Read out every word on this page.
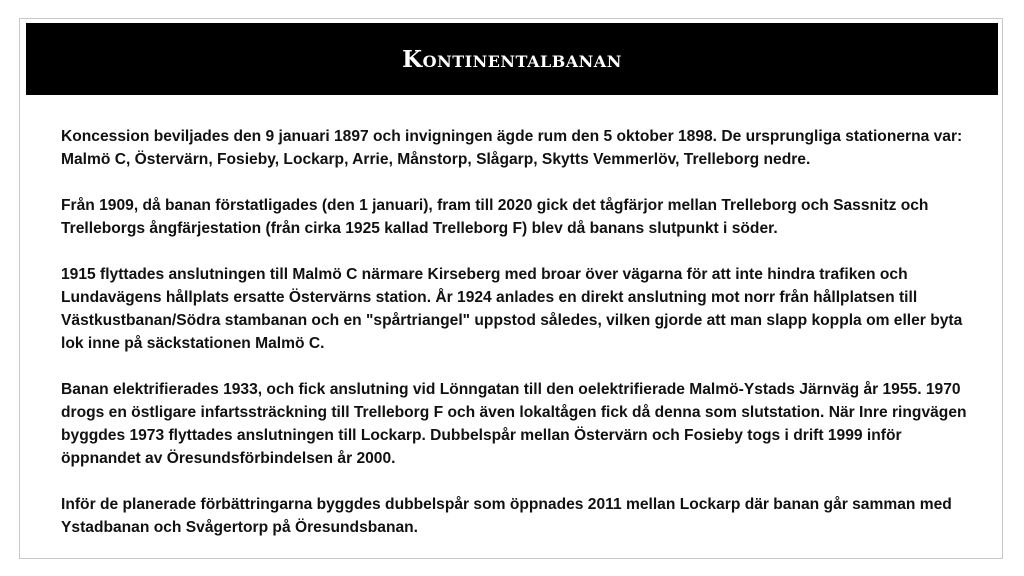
Kontinentalbanan

Koncession beviljades den 9 januari 1897 och invigningen ägde rum den 5 oktober 1898. De ursprungliga stationerna var: Malmö C, Östervärn, Fosieby, Lockarp, Arrie, Månstorp, Slågarp, Skytts Vemmerlöv, Trelleborg nedre.

Från 1909, då banan förstatligades (den 1 januari), fram till 2020 gick det tågfärjor mellan Trelleborg och Sassnitz och Trelleborgs ångfärjestation (från cirka 1925 kallad Trelleborg F) blev då banans slutpunkt i söder.

1915 flyttades anslutningen till Malmö C närmare Kirseberg med broar över vägarna för att inte hindra trafiken och Lundavägens hållplats ersatte Östervärns station. År 1924 anlades en direkt anslutning mot norr från hållplatsen till Västkustbanan/Södra stambanan och en "spårtriangel" uppstod således, vilken gjorde att man slapp koppla om eller byta lok inne på säckstationen Malmö C.

Banan elektrifierades 1933, och fick anslutning vid Lönngatan till den oelektrifierade Malmö-Ystads Järnväg år 1955. 1970 drogs en östligare infartssträckning till Trelleborg F och även lokaltågen fick då denna som slutstation. När Inre ringvägen byggdes 1973 flyttades anslutningen till Lockarp. Dubbelspår mellan Östervärn och Fosieby togs i drift 1999 inför öppnandet av Öresundsförbindelsen år 2000.

Inför de planerade förbättringarna byggdes dubbelspår som öppnades 2011 mellan Lockarp där banan går samman med Ystadbanan och Svågertorp på Öresundsbanan.
